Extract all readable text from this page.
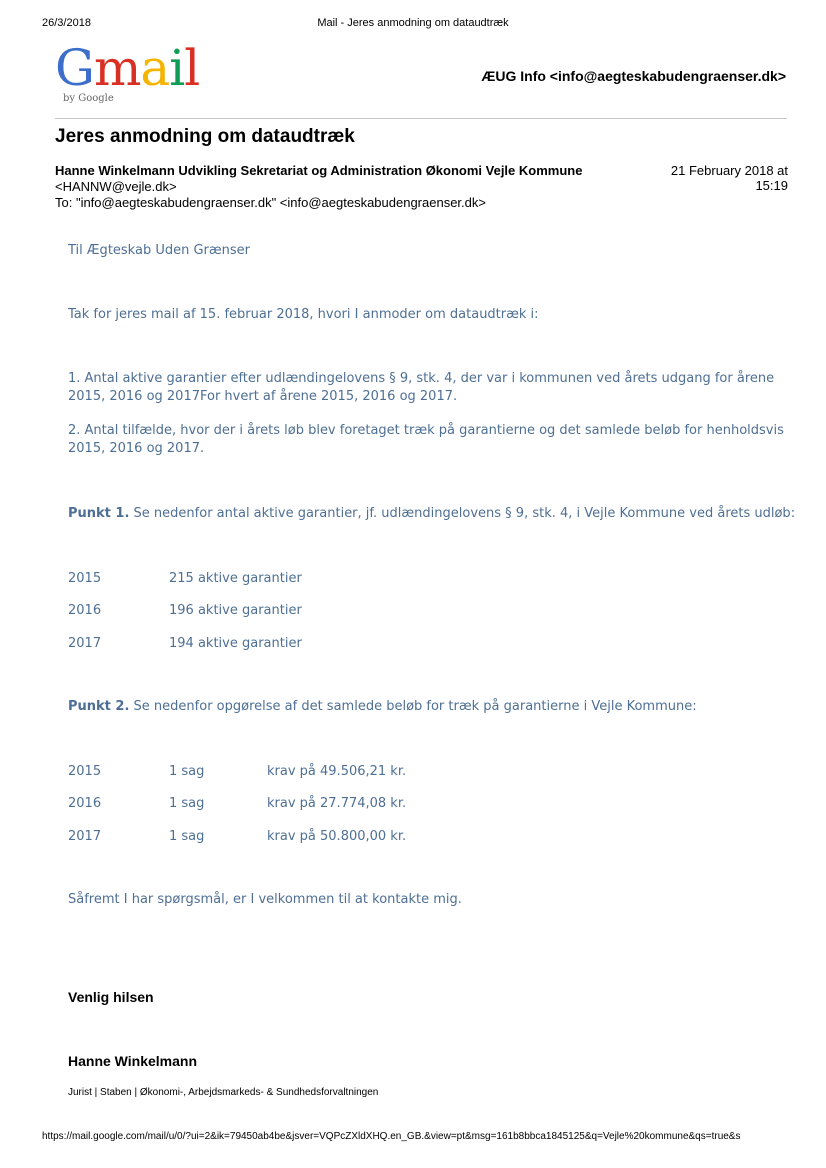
26/3/2018	Mail - Jeres anmodning om dataudtræk
Gmail
by Google
ÆUG Info <info@aegteskabudengraenser.dk>
Jeres anmodning om dataudtræk
Hanne Winkelmann Udvikling Sekretariat og Administration Økonomi Vejle Kommune
<HANNW@vejle.dk>
To: "info@aegteskabudengraenser.dk" <info@aegteskabudengraenser.dk>
21 February 2018 at
15:19
Til Ægteskab Uden Grænser
Tak for jeres mail af 15. februar 2018, hvori I anmoder om dataudtræk i:
1. Antal aktive garantier efter udlændingelovens § 9, stk. 4, der var i kommunen ved årets udgang for årene
2015, 2016 og 2017For hvert af årene 2015, 2016 og 2017.
2. Antal tilfælde, hvor der i årets løb blev foretaget træk på garantierne og det samlede beløb for henholdsvis
2015, 2016 og 2017.
Punkt 1. Se nedenfor antal aktive garantier, jf. udlændingelovens § 9, stk. 4, i Vejle Kommune ved årets udløb:
2015	215 aktive garantier
2016	196 aktive garantier
2017	194 aktive garantier
Punkt 2. Se nedenfor opgørelse af det samlede beløb for træk på garantierne i Vejle Kommune:
2015	1 sag	krav på 49.506,21 kr.
2016	1 sag	krav på 27.774,08 kr.
2017	1 sag	krav på 50.800,00 kr.
Såfremt I har spørgsmål, er I velkommen til at kontakte mig.
Venlig hilsen
Hanne Winkelmann
Jurist | Staben | Økonomi-, Arbejdsmarkeds- & Sundhedsforvaltningen
https://mail.google.com/mail/u/0/?ui=2&ik=79450ab4be&jsver=VQPcZXldXHQ.en_GB.&view=pt&msg=161b8bbca1845125&q=Vejle%20kommune&qs=true&s
